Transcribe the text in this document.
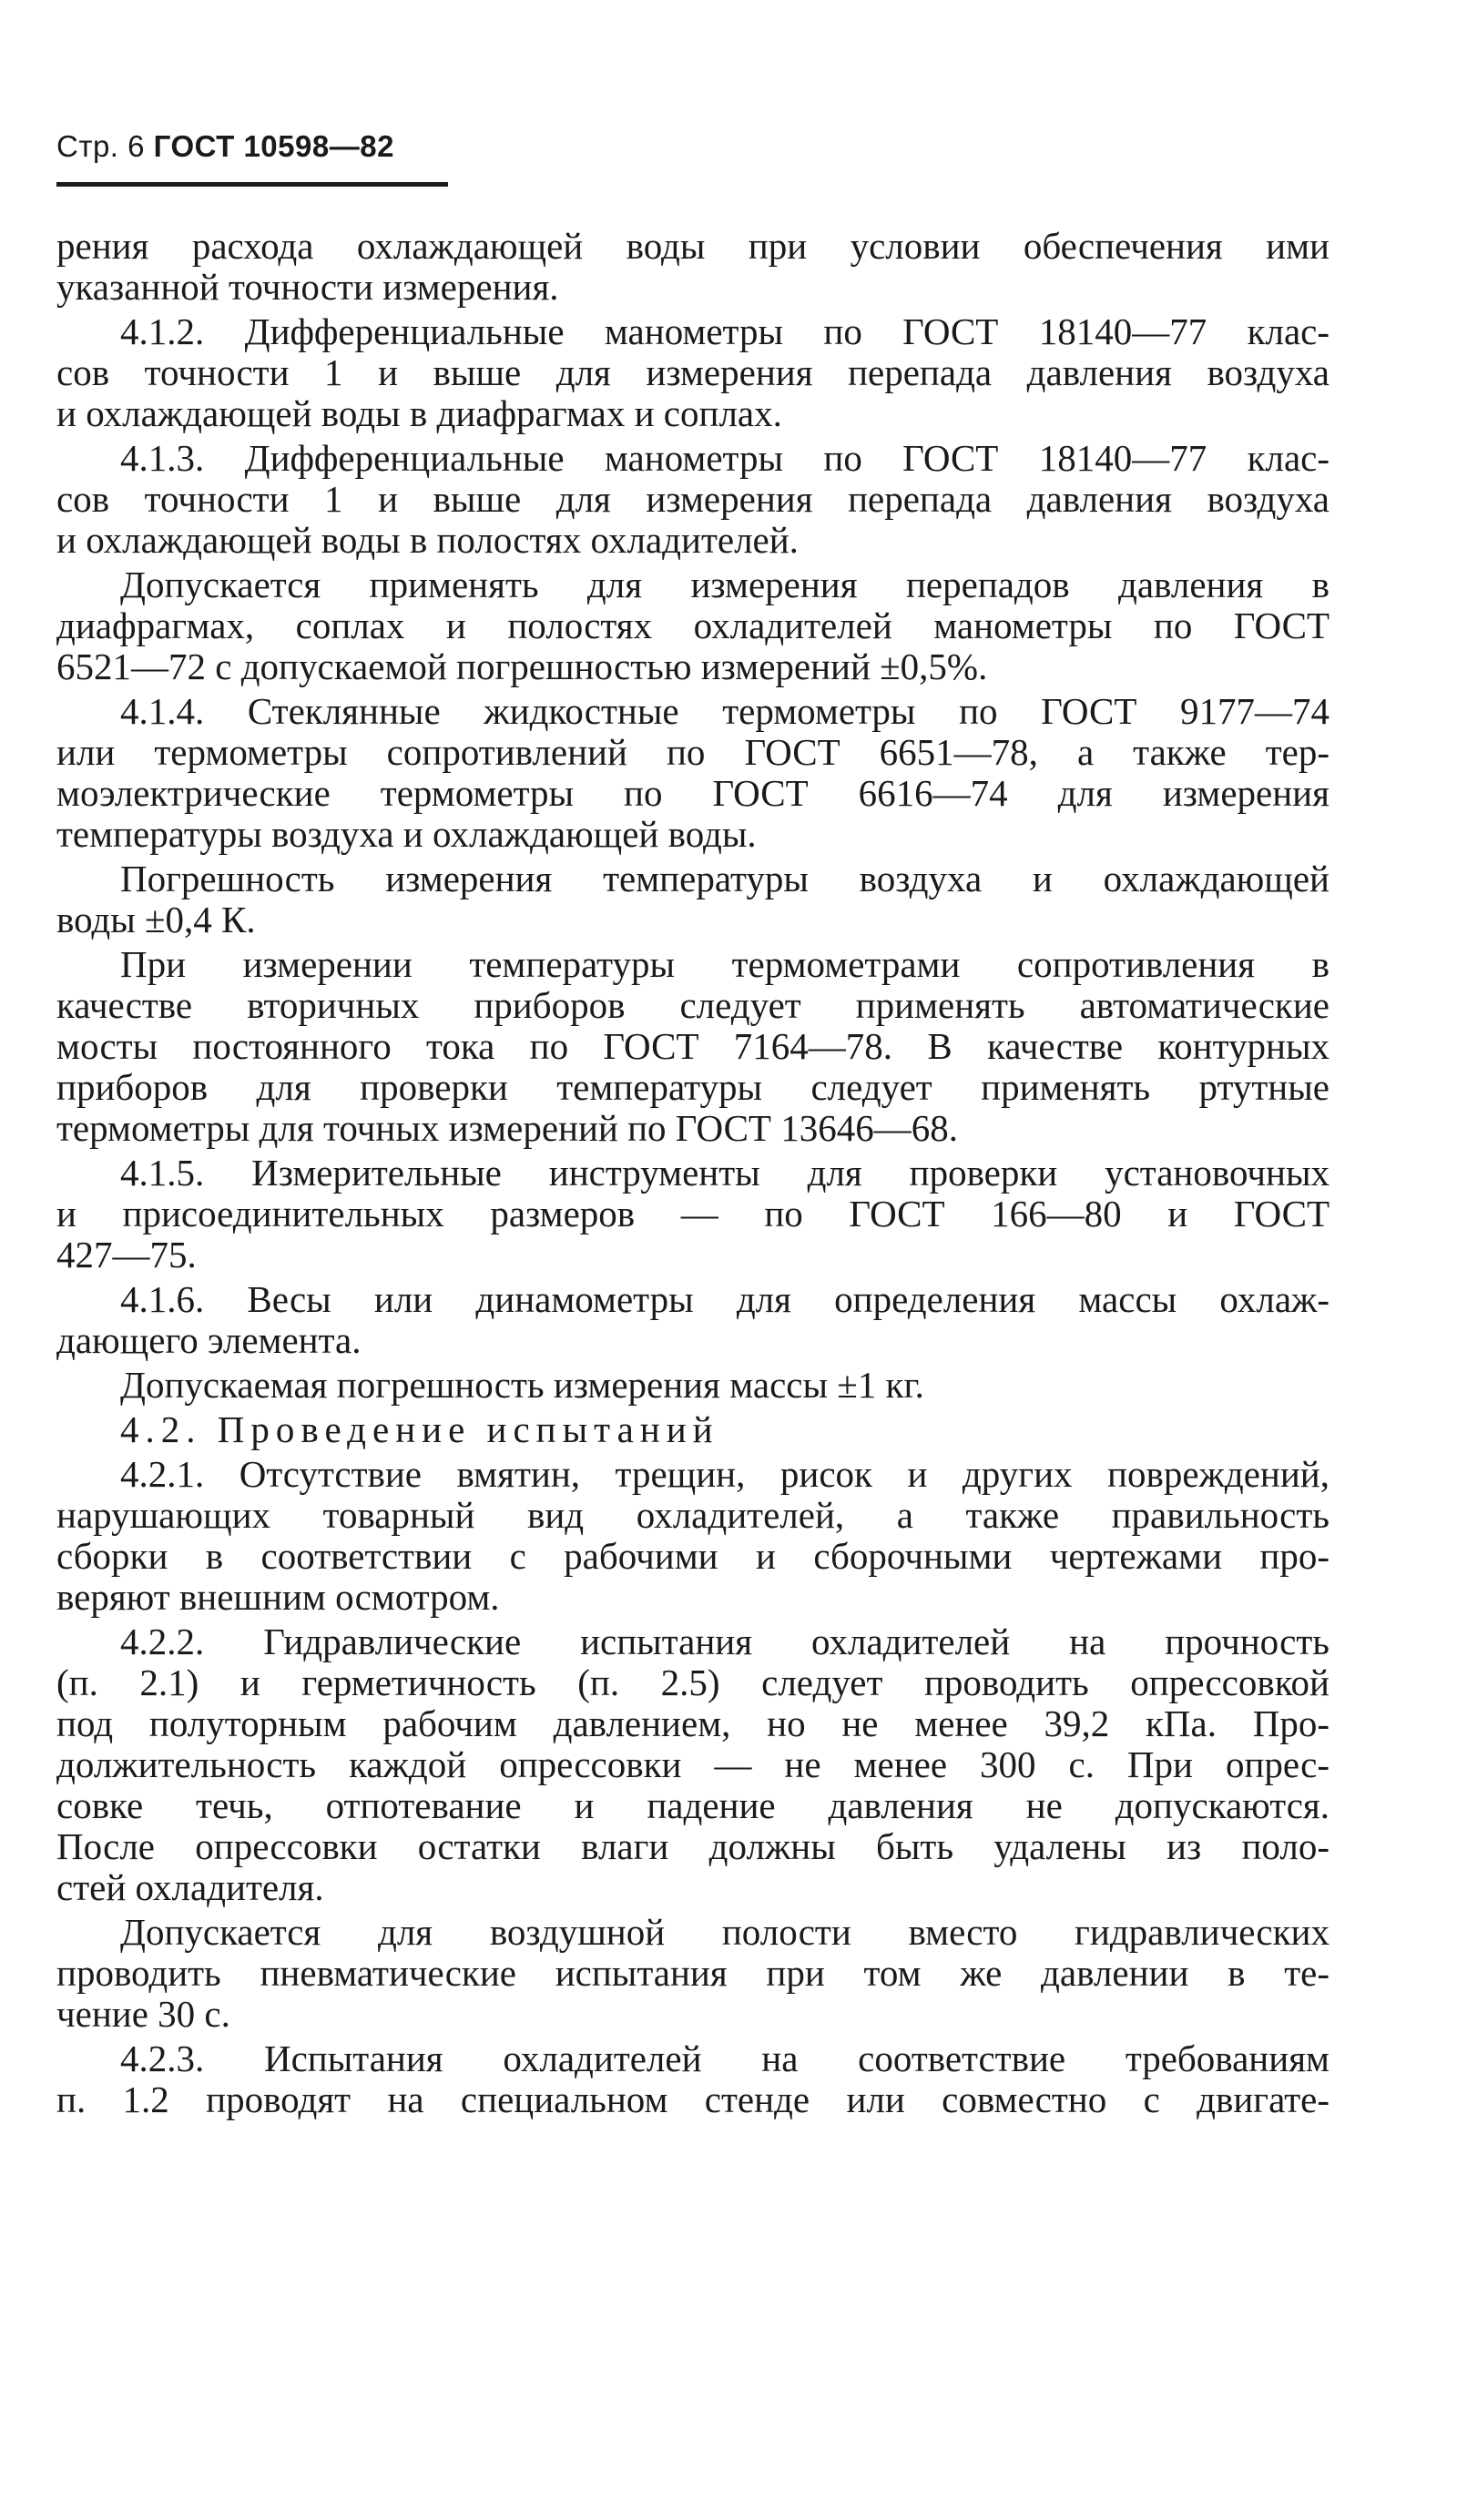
Стр. 6 ГОСТ 10598—82
рения расхода охлаждающей воды при условии обеспечения ими
указанной точности измерения.
4.1.2. Дифференциальные манометры по ГОСТ 18140—77 клас-
сов точности 1 и выше для измерения перепада давления воздуха
и охлаждающей воды в диафрагмах и соплах.
4.1.3. Дифференциальные манометры по ГОСТ 18140—77 клас-
сов точности 1 и выше для измерения перепада давления воздуха
и охлаждающей воды в полостях охладителей.
Допускается применять для измерения перепадов давления в
диафрагмах, соплах и полостях охладителей манометры по ГОСТ
6521—72 с допускаемой погрешностью измерений ±0,5%.
4.1.4. Стеклянные жидкостные термометры по ГОСТ 9177—74
или термометры сопротивлений по ГОСТ 6651—78, а также тер-
моэлектрические термометры по ГОСТ 6616—74 для измерения
температуры воздуха и охлаждающей воды.
Погрешность измерения температуры воздуха и охлаждающей
воды ±0,4 К.
При измерении температуры термометрами сопротивления в
качестве вторичных приборов следует применять автоматические
мосты постоянного тока по ГОСТ 7164—78. В качестве контурных
приборов для проверки температуры следует применять ртутные
термометры для точных измерений по ГОСТ 13646—68.
4.1.5. Измерительные инструменты для проверки установочных
и присоединительных размеров — по ГОСТ 166—80 и ГОСТ
427—75.
4.1.6. Весы или динамометры для определения массы охлаж-
дающего элемента.
Допускаемая погрешность измерения массы ±1 кг.
4.2. Проведение испытаний
4.2.1. Отсутствие вмятин, трещин, рисок и других повреждений,
нарушающих товарный вид охладителей, а также правильность
сборки в соответствии с рабочими и сборочными чертежами про-
веряют внешним осмотром.
4.2.2. Гидравлические испытания охладителей на прочность
(п. 2.1) и герметичность (п. 2.5) следует проводить опрессовкой
под полуторным рабочим давлением, но не менее 39,2 кПа. Про-
должительность каждой опрессовки — не менее 300 с. При опрес-
совке течь, отпотевание и падение давления не допускаются.
После опрессовки остатки влаги должны быть удалены из поло-
стей охладителя.
Допускается для воздушной полости вместо гидравлических
проводить пневматические испытания при том же давлении в те-
чение 30 с.
4.2.3. Испытания охладителей на соответствие требованиям
п. 1.2 проводят на специальном стенде или совместно с двигате-
